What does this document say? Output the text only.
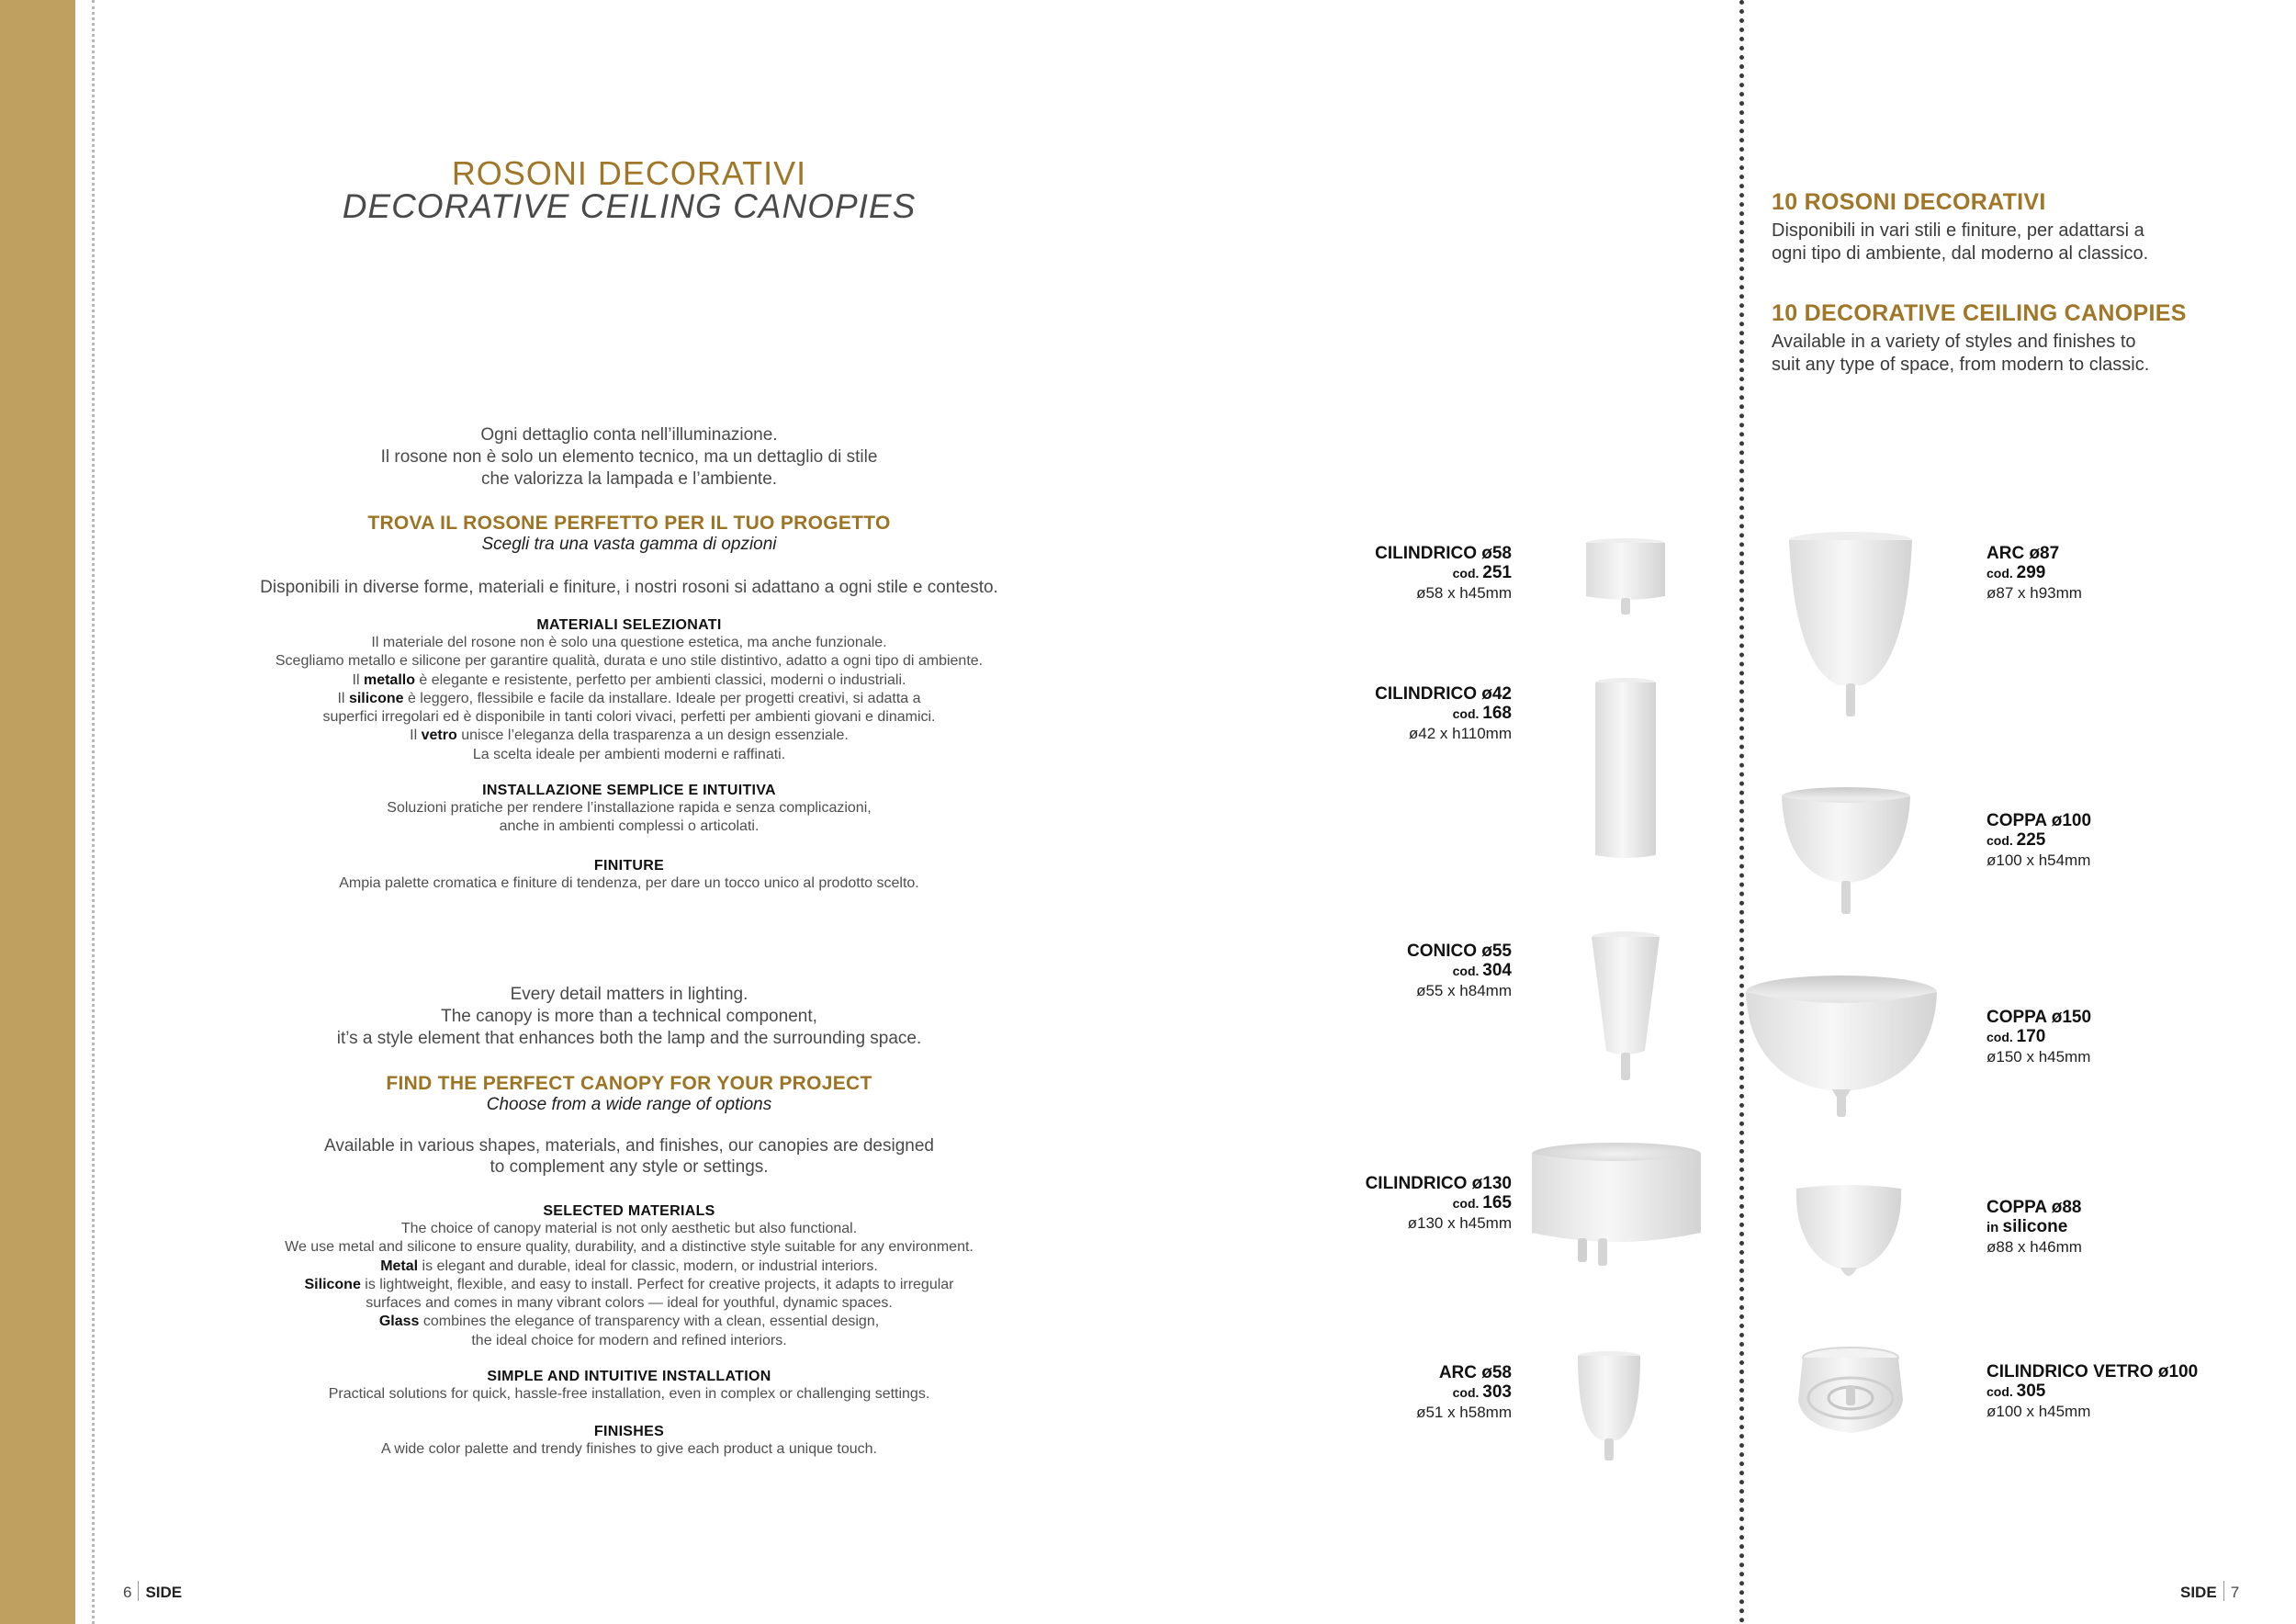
ROSONI DECORATIVI
DECORATIVE CEILING CANOPIES
Ogni dettaglio conta nell’illuminazione.
Il rosone non è solo un elemento tecnico, ma un dettaglio di stile
che valorizza la lampada e l’ambiente.
TROVA IL ROSONE PERFETTO PER IL TUO PROGETTO
Scegli tra una vasta gamma di opzioni
Disponibili in diverse forme, materiali e finiture, i nostri rosoni si adattano a ogni stile e contesto.
MATERIALI SELEZIONATI
Il materiale del rosone non è solo una questione estetica, ma anche funzionale.
Scegliamo metallo e silicone per garantire qualità, durata e uno stile distintivo, adatto a ogni tipo di ambiente.
Il metallo è elegante e resistente, perfetto per ambienti classici, moderni o industriali.
Il silicone è leggero, flessibile e facile da installare. Ideale per progetti creativi, si adatta a
superfici irregolari ed è disponibile in tanti colori vivaci, perfetti per ambienti giovani e dinamici.
Il vetro unisce l’eleganza della trasparenza a un design essenziale.
La scelta ideale per ambienti moderni e raffinati.
INSTALLAZIONE SEMPLICE E INTUITIVA
Soluzioni pratiche per rendere l’installazione rapida e senza complicazioni,
anche in ambienti complessi o articolati.
FINITURE
Ampia palette cromatica e finiture di tendenza, per dare un tocco unico al prodotto scelto.
Every detail matters in lighting.
The canopy is more than a technical component,
it’s a style element that enhances both the lamp and the surrounding space.
FIND THE PERFECT CANOPY FOR YOUR PROJECT
Choose from a wide range of options
Available in various shapes, materials, and finishes, our canopies are designed
to complement any style or settings.
SELECTED MATERIALS
The choice of canopy material is not only aesthetic but also functional.
We use metal and silicone to ensure quality, durability, and a distinctive style suitable for any environment.
Metal is elegant and durable, ideal for classic, modern, or industrial interiors.
Silicone is lightweight, flexible, and easy to install. Perfect for creative projects, it adapts to irregular
surfaces and comes in many vibrant colors — ideal for youthful, dynamic spaces.
Glass combines the elegance of transparency with a clean, essential design,
the ideal choice for modern and refined interiors.
SIMPLE AND INTUITIVE INSTALLATION
Practical solutions for quick, hassle-free installation, even in complex or challenging settings.
FINISHES
A wide color palette and trendy finishes to give each product a unique touch.
6 SIDE
10 ROSONI DECORATIVI
Disponibili in vari stili e finiture, per adattarsi a
ogni tipo di ambiente, dal moderno al classico.
10 DECORATIVE CEILING CANOPIES
Available in a variety of styles and finishes to
suit any type of space, from modern to classic.
SIDE 7
CILINDRICO ø58
cod. 251
ø58 x h45mm
CILINDRICO ø42
cod. 168
ø42 x h110mm
CONICO ø55
cod. 304
ø55 x h84mm
CILINDRICO ø130
cod. 165
ø130 x h45mm
ARC ø58
cod. 303
ø51 x h58mm
ARC ø87
cod. 299
ø87 x h93mm
COPPA ø100
cod. 225
ø100 x h54mm
COPPA ø150
cod. 170
ø150 x h45mm
COPPA ø88
in silicone
ø88 x h46mm
CILINDRICO VETRO ø100
cod. 305
ø100 x h45mm
